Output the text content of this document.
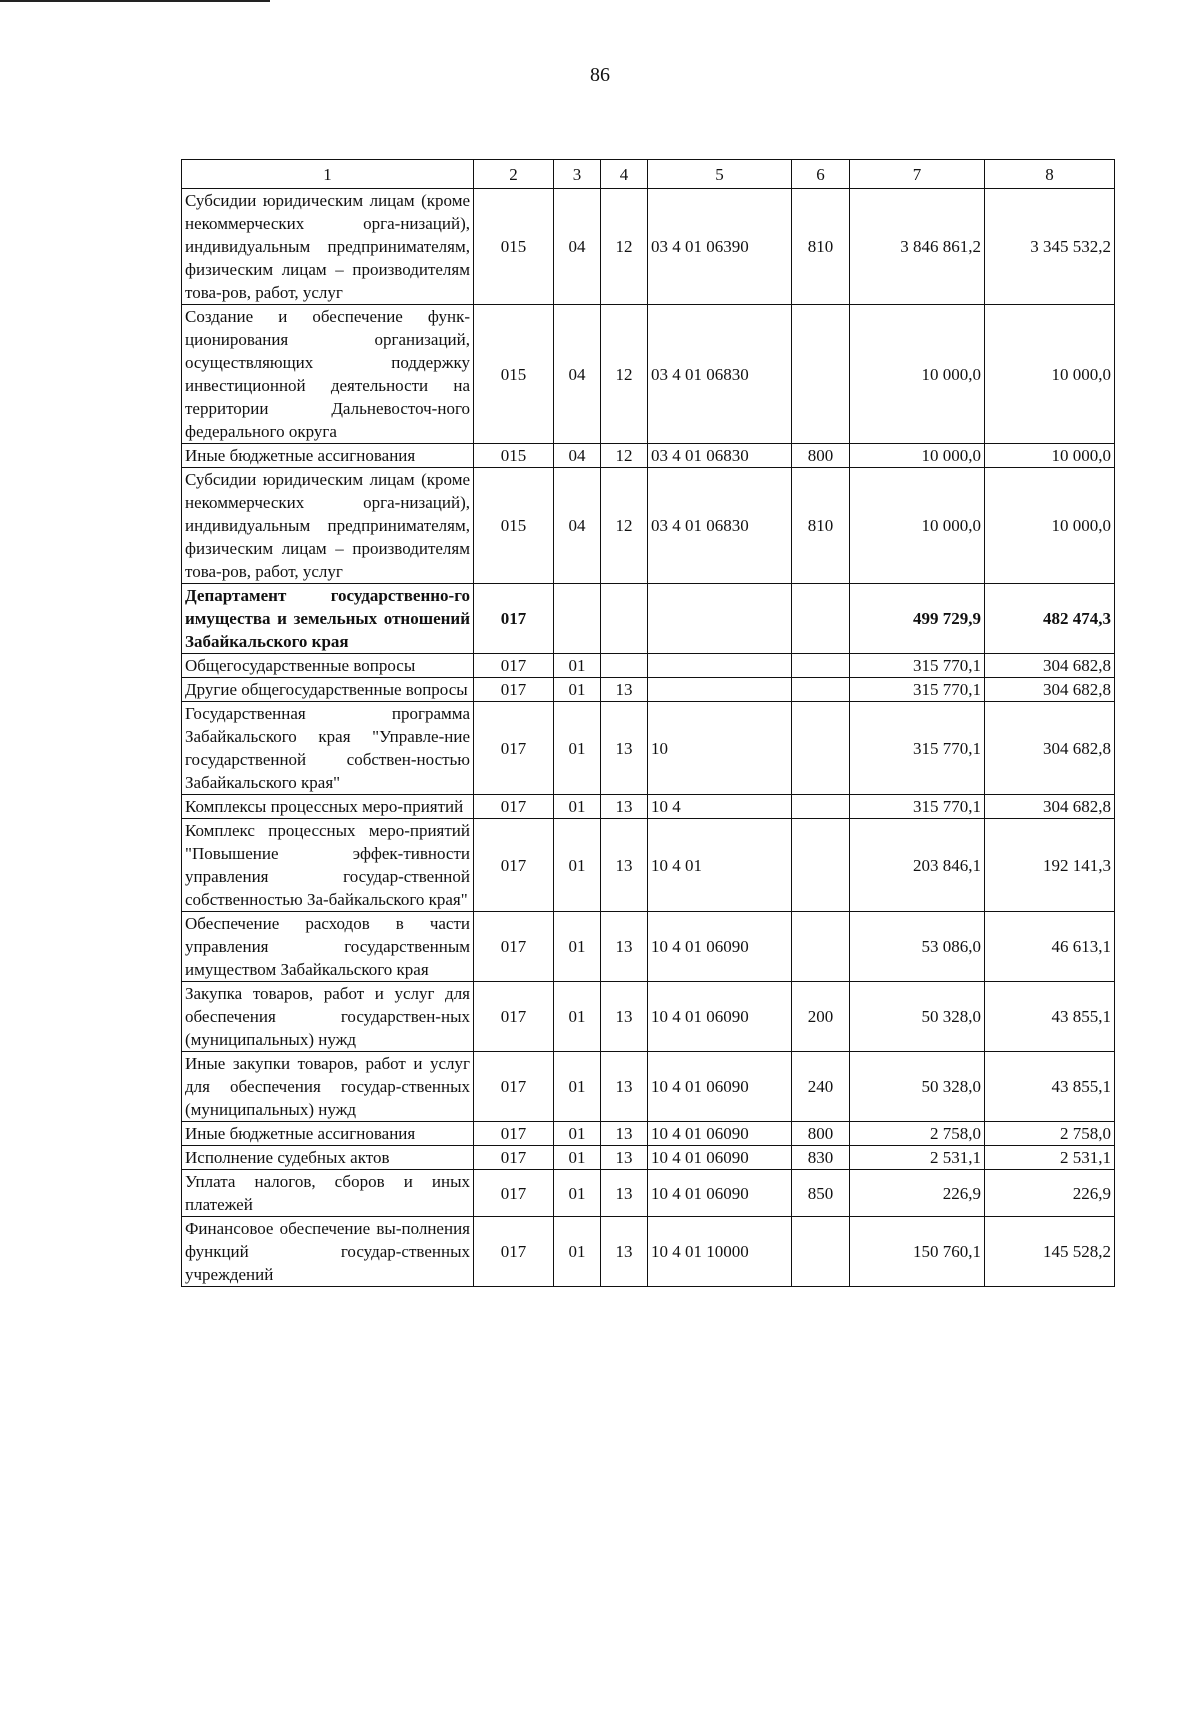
86
1	2	3	4	5	6	7	8
Субсидии юридическим лицам (кроме некоммерческих орга-низаций), индивидуальным предпринимателям, физическим лицам – производителям това-ров, работ, услуг	015	04	12	03 4 01 06390	810	3 846 861,2	3 345 532,2
Создание и обеспечение функ-ционирования организаций, осуществляющих поддержку инвестиционной деятельности на территории Дальневосточ-ного федерального округа	015	04	12	03 4 01 06830		10 000,0	10 000,0
Иные бюджетные ассигнования	015	04	12	03 4 01 06830	800	10 000,0	10 000,0
Субсидии юридическим лицам (кроме некоммерческих орга-низаций), индивидуальным предпринимателям, физическим лицам – производителям това-ров, работ, услуг	015	04	12	03 4 01 06830	810	10 000,0	10 000,0
Департамент государственно-го имущества и земельных отношений Забайкальского края	017					499 729,9	482 474,3
Общегосударственные вопросы	017	01				315 770,1	304 682,8
Другие общегосударственные вопросы	017	01	13			315 770,1	304 682,8
Государственная программа Забайкальского края "Управле-ние государственной собствен-ностью Забайкальского края"	017	01	13	10		315 770,1	304 682,8
Комплексы процессных меро-приятий	017	01	13	10 4		315 770,1	304 682,8
Комплекс процессных меро-приятий "Повышение эффек-тивности управления государ-ственной собственностью За-байкальского края"	017	01	13	10 4 01		203 846,1	192 141,3
Обеспечение расходов в части управления государственным имуществом Забайкальского края	017	01	13	10 4 01 06090		53 086,0	46 613,1
Закупка товаров, работ и услуг для обеспечения государствен-ных (муниципальных) нужд	017	01	13	10 4 01 06090	200	50 328,0	43 855,1
Иные закупки товаров, работ и услуг для обеспечения государ-ственных (муниципальных) нужд	017	01	13	10 4 01 06090	240	50 328,0	43 855,1
Иные бюджетные ассигнования	017	01	13	10 4 01 06090	800	2 758,0	2 758,0
Исполнение судебных актов	017	01	13	10 4 01 06090	830	2 531,1	2 531,1
Уплата налогов, сборов и иных платежей	017	01	13	10 4 01 06090	850	226,9	226,9
Финансовое обеспечение вы-полнения функций государ-ственных учреждений	017	01	13	10 4 01 10000		150 760,1	145 528,2
